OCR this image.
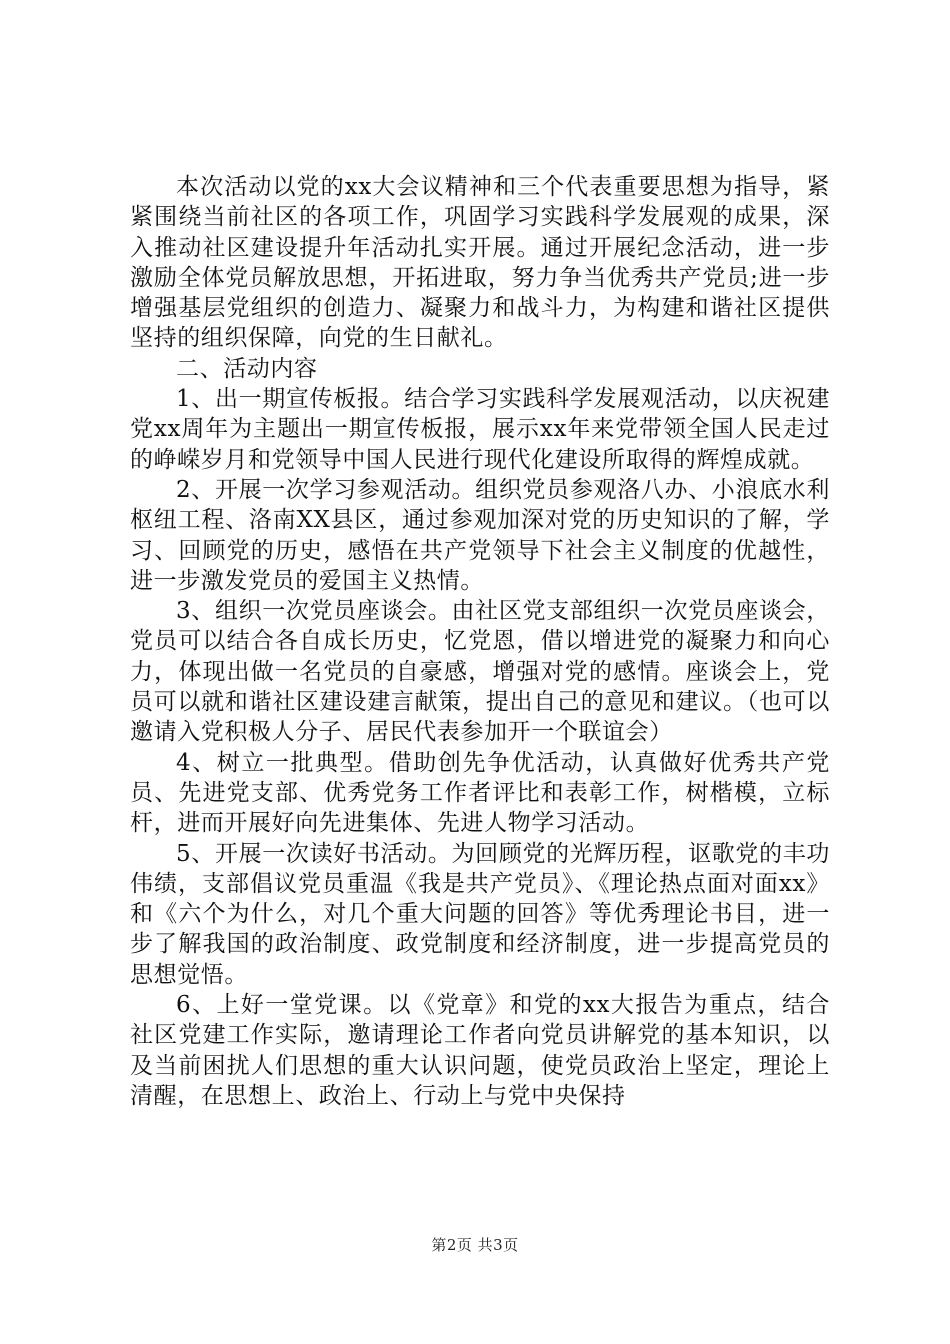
本次活动以党的xx大会议精神和三个代表重要思想为指导，紧紧围绕当前社区的各项工作，巩固学习实践科学发展观的成果，深入推动社区建设提升年活动扎实开展。通过开展纪念活动，进一步激励全体党员解放思想，开拓进取，努力争当优秀共产党员;进一步增强基层党组织的创造力、凝聚力和战斗力，为构建和谐社区提供坚持的组织保障，向党的生日献礼。

二、活动内容

1、出一期宣传板报。结合学习实践科学发展观活动，以庆祝建党xx周年为主题出一期宣传板报，展示xx年来党带领全国人民走过的峥嵘岁月和党领导中国人民进行现代化建设所取得的辉煌成就。

2、开展一次学习参观活动。组织党员参观洛八办、小浪底水利枢纽工程、洛南XX县区，通过参观加深对党的历史知识的了解，学习、回顾党的历史，感悟在共产党领导下社会主义制度的优越性，进一步激发党员的爱国主义热情。

3、组织一次党员座谈会。由社区党支部组织一次党员座谈会，党员可以结合各自成长历史，忆党恩，借以增进党的凝聚力和向心力，体现出做一名党员的自豪感，增强对党的感情。座谈会上，党员可以就和谐社区建设建言献策，提出自己的意见和建议。（也可以邀请入党积极人分子、居民代表参加开一个联谊会）

4、树立一批典型。借助创先争优活动，认真做好优秀共产党员、先进党支部、优秀党务工作者评比和表彰工作，树楷模，立标杆，进而开展好向先进集体、先进人物学习活动。

5、开展一次读好书活动。为回顾党的光辉历程，讴歌党的丰功伟绩，支部倡议党员重温《我是共产党员》、《理论热点面对面xx》和《六个为什么，对几个重大问题的回答》等优秀理论书目，进一步了解我国的政治制度、政党制度和经济制度，进一步提高党员的思想觉悟。

6、上好一堂党课。以《党章》和党的xx大报告为重点，结合社区党建工作实际，邀请理论工作者向党员讲解党的基本知识，以及当前困扰人们思想的重大认识问题，使党员政治上坚定，理论上清醒，在思想上、政治上、行动上与党中央保持

第2页 共3页
